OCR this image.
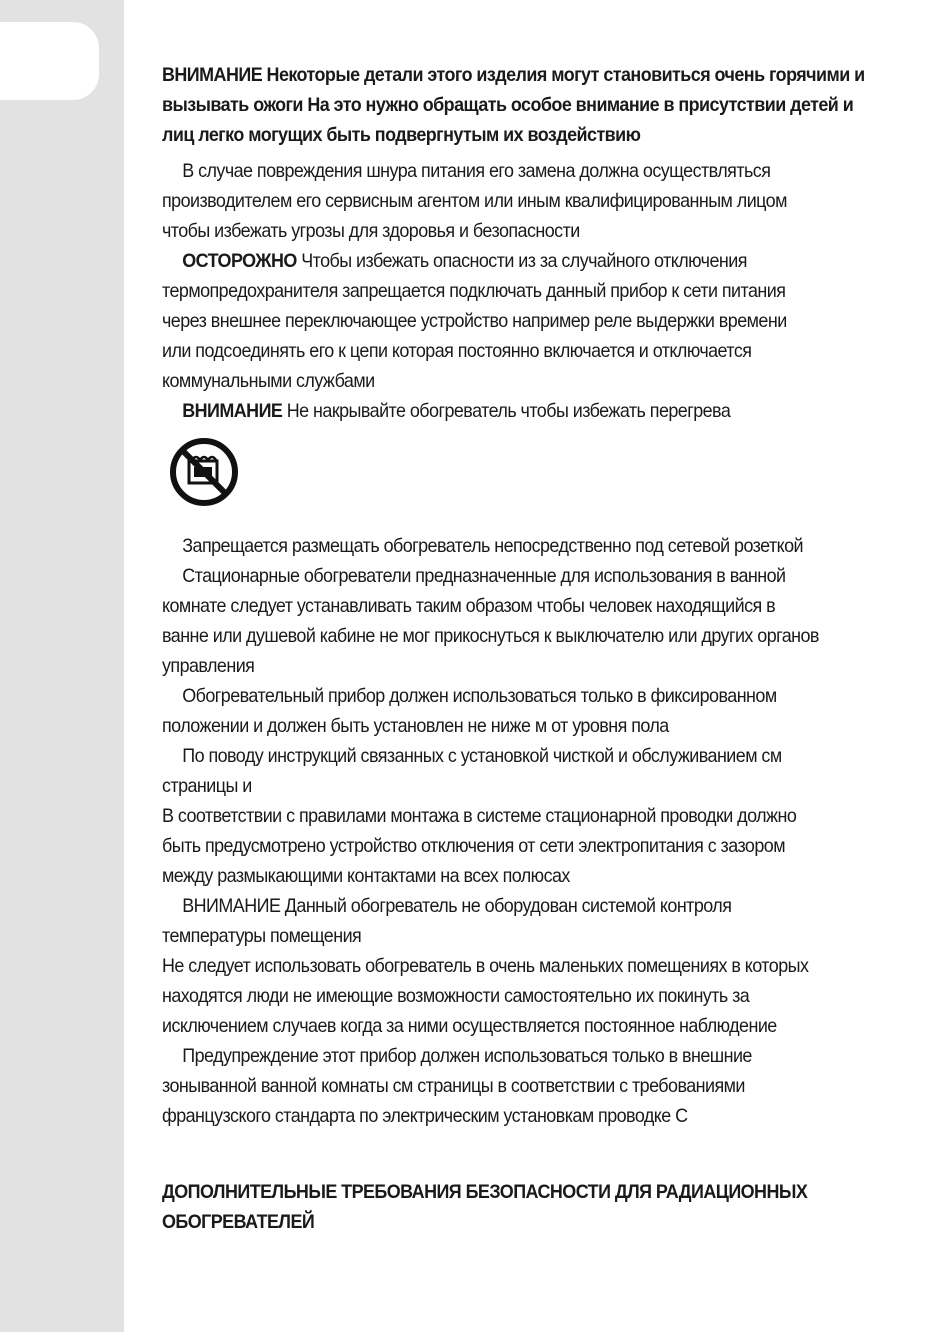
ВНИМАНИЕ Некоторые детали этого изделия могут становиться очень горячими и
вызывать ожоги На это нужно обращать особое внимание в присутствии детей и
лиц легко могущих быть подвергнутым их воздействию
В случае повреждения шнура питания его замена должна осуществляться
производителем его сервисным агентом или иным квалифицированным лицом
чтобы избежать угрозы для здоровья и безопасности
ОСТОРОЖНО Чтобы избежать опасности из за случайного отключения
термопредохранителя запрещается подключать данный прибор к сети питания
через внешнее переключающее устройство например реле выдержки времени
или подсоединять его к цепи которая постоянно включается и отключается
коммунальными службами
ВНИМАНИЕ Не накрывайте обогреватель чтобы избежать перегрева
Запрещается размещать обогреватель непосредственно под сетевой розеткой
Стационарные обогреватели предназначенные для использования в ванной
комнате следует устанавливать таким образом чтобы человек находящийся в
ванне или душевой кабине не мог прикоснуться к выключателю или других органов
управления
Обогревательный прибор должен использоваться только в фиксированном
положении и должен быть установлен не ниже м от уровня пола
По поводу инструкций связанных с установкой чисткой и обслуживанием см
страницы и
В соответствии с правилами монтажа в системе стационарной проводки должно
быть предусмотрено устройство отключения от сети электропитания с зазором
между размыкающими контактами на всех полюсах
ВНИМАНИЕ Данный обогреватель не оборудован системой контроля
температуры помещения
Не следует использовать обогреватель в очень маленьких помещениях в которых
находятся люди не имеющие возможности самостоятельно их покинуть за
исключением случаев когда за ними осуществляется постоянное наблюдение
Предупреждение этот прибор должен использоваться только в внешние
зоныванной ванной комнаты см страницы в соответствии с требованиями
французского стандарта по электрическим установкам проводке С
ДОПОЛНИТЕЛЬНЫЕ ТРЕБОВАНИЯ БЕЗОПАСНОСТИ ДЛЯ РАДИАЦИОННЫХ
ОБОГРЕВАТЕЛЕЙ
